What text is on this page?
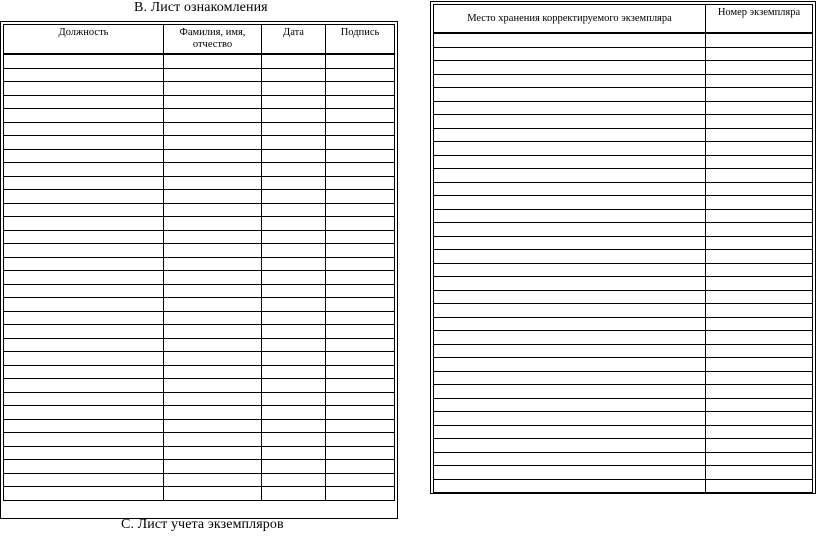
B. Лист ознакомления
Должность	Фамилия, имя, отчество	Дата	Подпись

Место хранения корректируемого экземпляра	Номер экземпляра

C. Лист учета экземпляров
